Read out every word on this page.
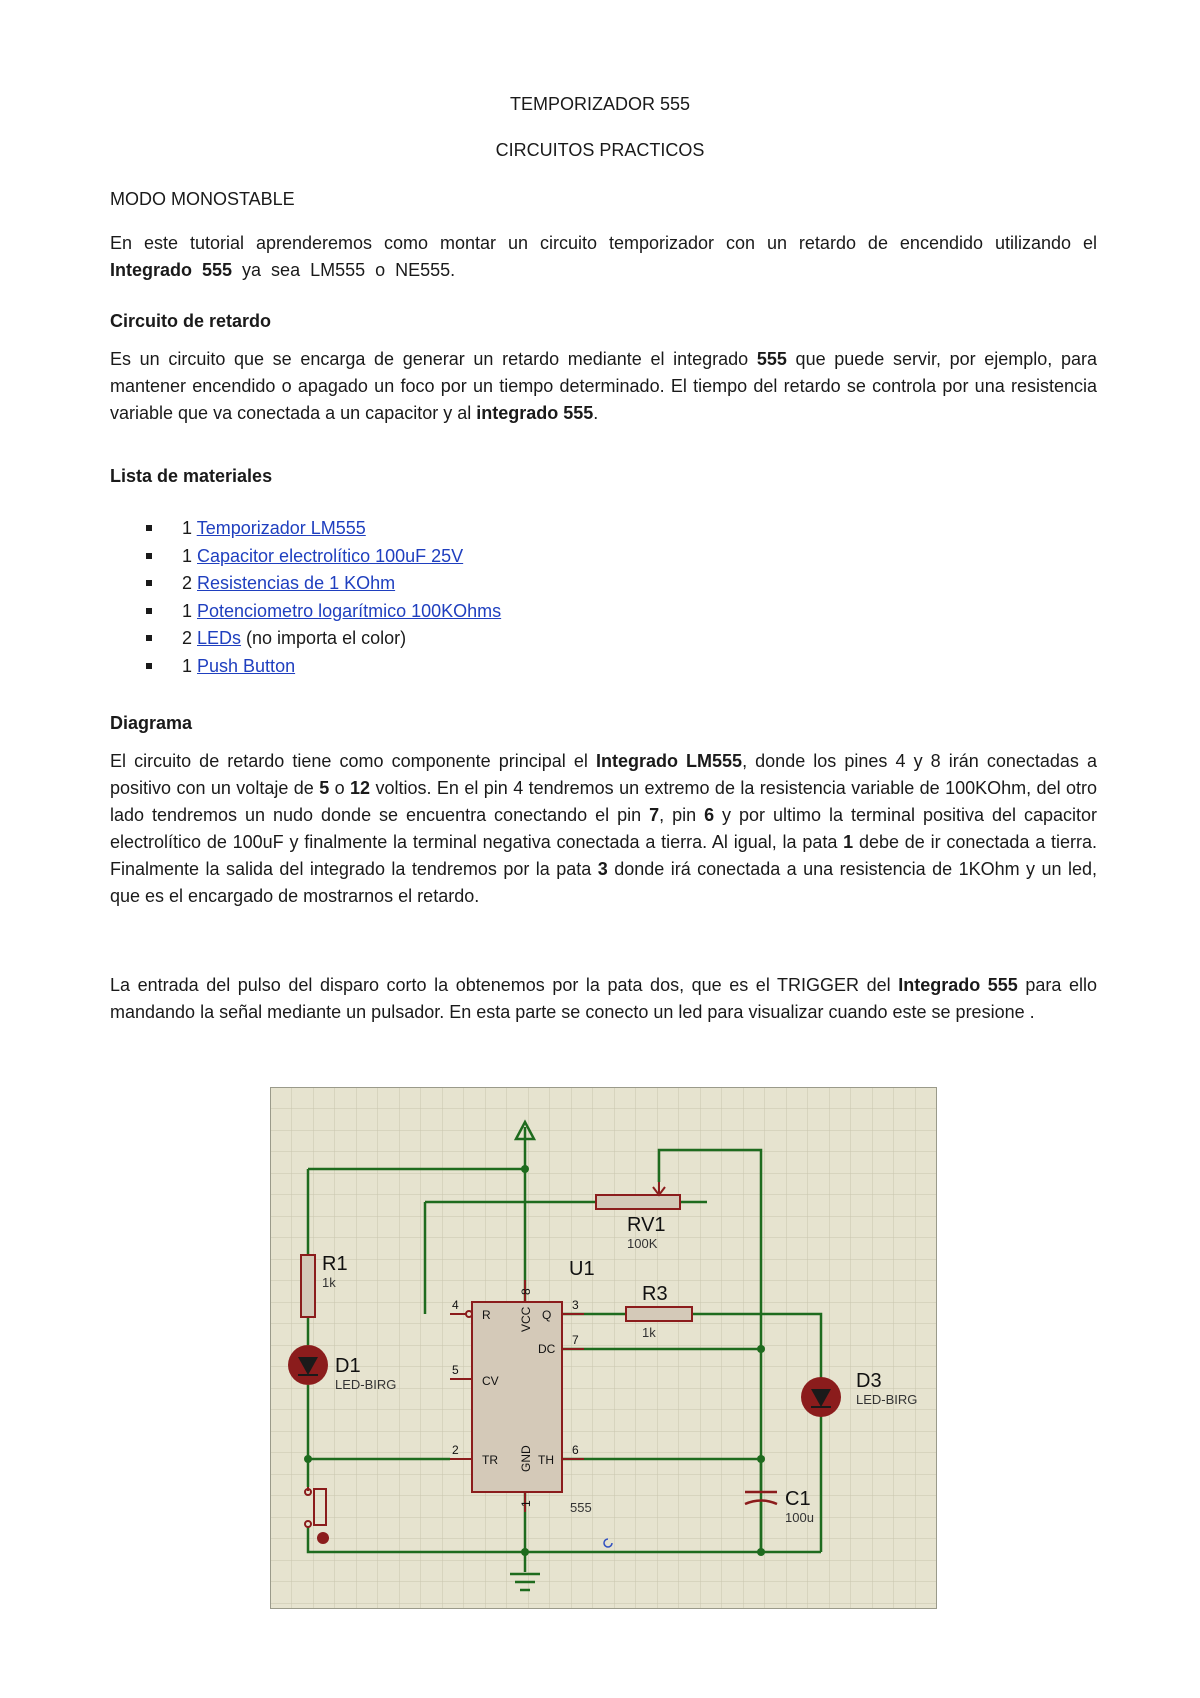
TEMPORIZADOR 555
CIRCUITOS PRACTICOS
MODO MONOSTABLE
En este tutorial aprenderemos como montar un circuito temporizador con un retardo de encendido utilizando el Integrado 555 ya sea LM555 o NE555.
Circuito de retardo
Es un circuito que se encarga de generar un retardo mediante el integrado 555 que puede servir, por ejemplo, para mantener encendido o apagado un foco por un tiempo determinado. El tiempo del retardo se controla por una resistencia variable que va conectada a un capacitor y al integrado 555.
Lista de materiales
1 Temporizador LM555
1 Capacitor electrolítico 100uF 25V
2 Resistencias de 1 KOhm
1 Potenciometro logarítmico 100KOhms
2 LEDs (no importa el color)
1 Push Button
Diagrama
El circuito de retardo tiene como componente principal el Integrado LM555, donde los pines 4 y 8 irán conectadas a positivo con un voltaje de 5 o 12 voltios. En el pin 4 tendremos un extremo de la resistencia variable de 100KOhm, del otro lado tendremos un nudo donde se encuentra conectando el pin 7, pin 6 y por ultimo la terminal positiva del capacitor electrolítico de 100uF y finalmente la terminal negativa conectada a tierra. Al igual, la pata 1 debe de ir conectada a tierra. Finalmente la salida del integrado la tendremos por la pata 3 donde irá conectada a una resistencia de 1KOhm y un led, que es el encargado de mostrarnos el retardo.
La entrada del pulso del disparo corto la obtenemos por la pata dos, que es el TRIGGER del Integrado 555 para ello mandando la señal mediante un pulsador. En esta parte se conecto un led para visualizar cuando este se presione .
R1
1k
D1
LED-BIRG
RV1
100K
U1
555
R
CV
TR
Q
DC
TH
VCC
GND
4
5
2
3
7
6
8
1
R3
1k
D3
LED-BIRG
C1
100u
